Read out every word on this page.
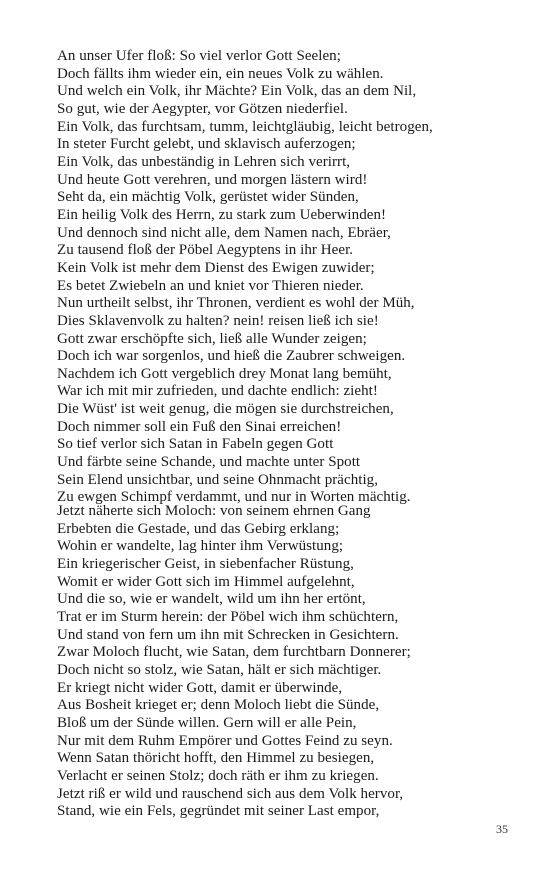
An unser Ufer floß: So viel verlor Gott Seelen;
Doch fällts ihm wieder ein, ein neues Volk zu wählen.
Und welch ein Volk, ihr Mächte? Ein Volk, das an dem Nil,
So gut, wie der Aegypter, vor Götzen niederfiel.
Ein Volk, das furchtsam, tumm, leichtgläubig, leicht betrogen,
In steter Furcht gelebt, und sklavisch auferzogen;
Ein Volk, das unbeständig in Lehren sich verirrt,
Und heute Gott verehren, und morgen lästern wird!
Seht da, ein mächtig Volk, gerüstet wider Sünden,
Ein heilig Volk des Herrn, zu stark zum Ueberwinden!
Und dennoch sind nicht alle, dem Namen nach, Ebräer,
Zu tausend floß der Pöbel Aegyptens in ihr Heer.
Kein Volk ist mehr dem Dienst des Ewigen zuwider;
Es betet Zwiebeln an und kniet vor Thieren nieder.
Nun urtheilt selbst, ihr Thronen, verdient es wohl der Müh,
Dies Sklavenvolk zu halten? nein! reisen ließ ich sie!
Gott zwar erschöpfte sich, ließ alle Wunder zeigen;
Doch ich war sorgenlos, und hieß die Zaubrer schweigen.
Nachdem ich Gott vergeblich drey Monat lang bemüht,
War ich mit mir zufrieden, und dachte endlich: zieht!
Die Wüst' ist weit genug, die mögen sie durchstreichen,
Doch nimmer soll ein Fuß den Sinai erreichen!
So tief verlor sich Satan in Fabeln gegen Gott
Und färbte seine Schande, und machte unter Spott
Sein Elend unsichtbar, und seine Ohnmacht prächtig,
Zu ewgen Schimpf verdammt, und nur in Worten mächtig.
Jetzt näherte sich Moloch: von seinem ehrnen Gang
Erbebten die Gestade, und das Gebirg erklang;
Wohin er wandelte, lag hinter ihm Verwüstung;
Ein kriegerischer Geist, in siebenfacher Rüstung,
Womit er wider Gott sich im Himmel aufgelehnt,
Und die so, wie er wandelt, wild um ihn her ertönt,
Trat er im Sturm herein: der Pöbel wich ihm schüchtern,
Und stand von fern um ihn mit Schrecken in Gesichtern.
Zwar Moloch flucht, wie Satan, dem furchtbarn Donnerer;
Doch nicht so stolz, wie Satan, hält er sich mächtiger.
Er kriegt nicht wider Gott, damit er überwinde,
Aus Bosheit krieget er; denn Moloch liebt die Sünde,
Bloß um der Sünde willen. Gern will er alle Pein,
Nur mit dem Ruhm Empörer und Gottes Feind zu seyn.
Wenn Satan thöricht hofft, den Himmel zu besiegen,
Verlacht er seinen Stolz; doch räth er ihm zu kriegen.
Jetzt riß er wild und rauschend sich aus dem Volk hervor,
Stand, wie ein Fels, gegründet mit seiner Last empor,
35
